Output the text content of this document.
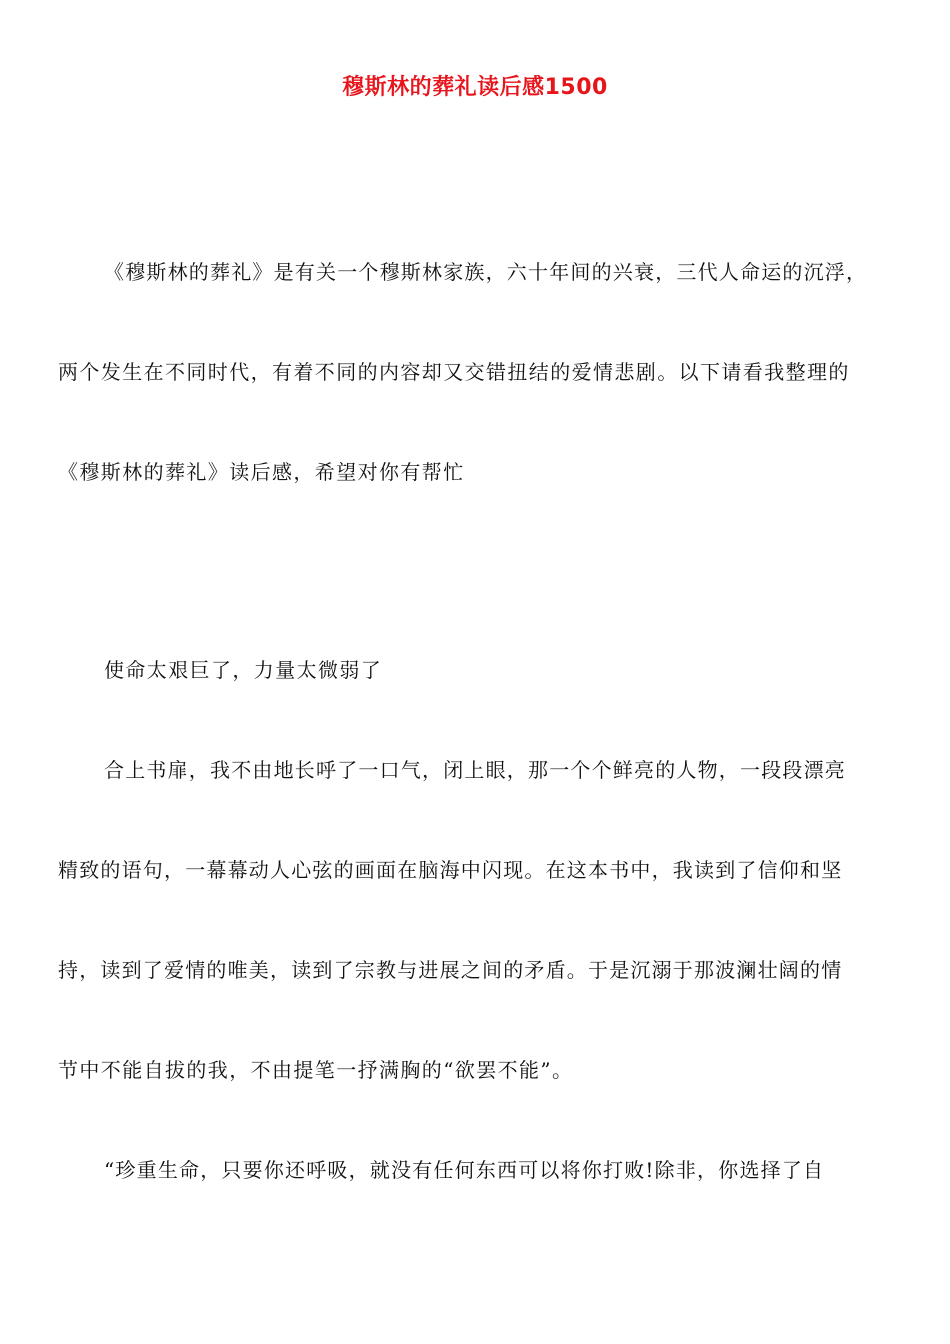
穆斯林的葬礼读后感1500
《穆斯林的葬礼》是有关一个穆斯林家族，六十年间的兴衰，三代人命运的沉浮，
两个发生在不同时代，有着不同的内容却又交错扭结的爱情悲剧。以下请看我整理的
《穆斯林的葬礼》读后感，希望对你有帮忙
使命太艰巨了，力量太微弱了
合上书扉，我不由地长呼了一口气，闭上眼，那一个个鲜亮的人物，一段段漂亮
精致的语句，一幕幕动人心弦的画面在脑海中闪现。在这本书中，我读到了信仰和坚
持，读到了爱情的唯美，读到了宗教与进展之间的矛盾。于是沉溺于那波澜壮阔的情
节中不能自拔的我，不由提笔一抒满胸的“欲罢不能”。
“珍重生命，只要你还呼吸，就没有任何东西可以将你打败!除非，你选择了自
